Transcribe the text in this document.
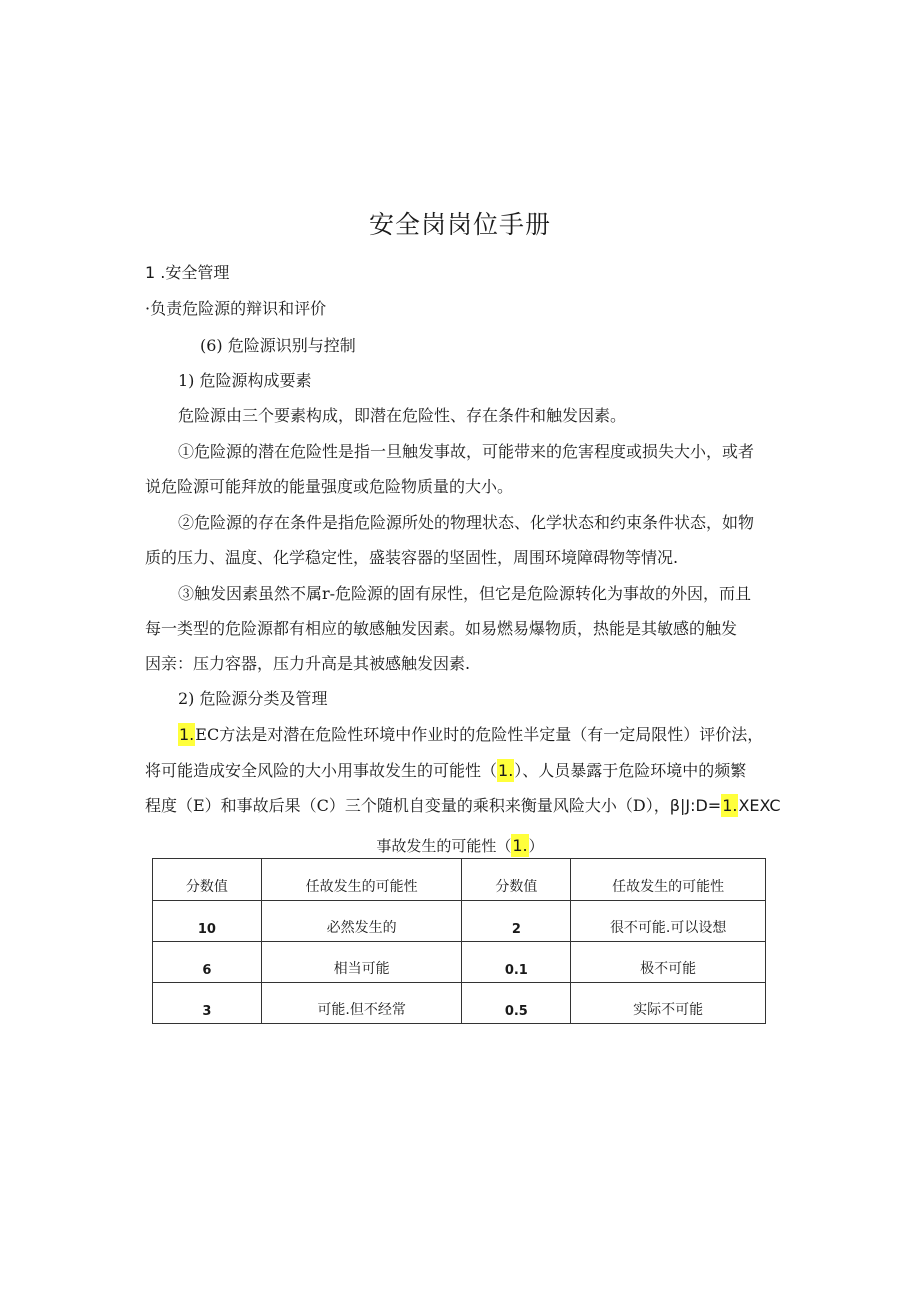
安全岗岗位手册
1 .安全管理
·负责危险源的辩识和评价
(6) 危险源识别与控制
1) 危险源构成要素
危险源由三个要素构成，即潜在危险性、存在条件和触发因素。
①危险源的潜在危险性是指一旦触发事故，可能带来的危害程度或损失大小，或者
说危险源可能拜放的能量强度或危险物质量的大小。
②危险源的存在条件是指危险源所处的物理状态、化学状态和约束条件状态，如物
质的压力、温度、化学稳定性，盛装容器的坚固性，周围环境障碍物等情况.
③触发因素虽然不属r-危险源的固有尿性，但它是危险源转化为事故的外因，而且
每一类型的危险源都有相应的敏感触发因素。如易燃易爆物质，热能是其敏感的触发
因亲：压力容器，压力升高是其被感触发因素.
2) 危险源分类及管理
1.EC方法是对潜在危险性环境中作业时的危险性半定量（有一定局限性）评价法，
将可能造成安全风险的大小用事故发生的可能性（1.）、人员暴露于危险环境中的频繁
程度（E）和事故后果（C）三个随机自变量的乘积来衡量风险大小（D），β|J:D=1.XEXC
事故发生的可能性（1.）
分数值	任故发生的可能性	分数值	任故发生的可能性
10	必然发生的	2	很不可能.可以设想
6	相当可能	0.1	极不可能
3	可能.但不经常	0.5	实际不可能
